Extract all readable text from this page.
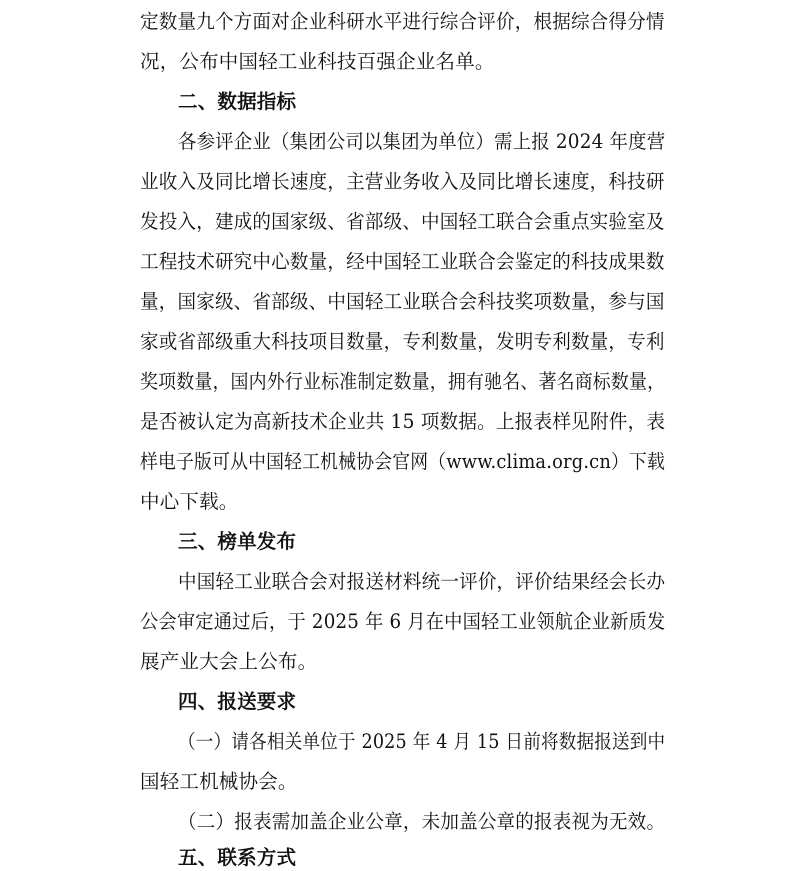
定数量九个方面对企业科研水平进行综合评价，根据综合得分情
况，公布中国轻工业科技百强企业名单。
二、数据指标
各参评企业（集团公司以集团为单位）需上报 2024 年度营
业收入及同比增长速度，主营业务收入及同比增长速度，科技研
发投入，建成的国家级、省部级、中国轻工联合会重点实验室及
工程技术研究中心数量，经中国轻工业联合会鉴定的科技成果数
量，国家级、省部级、中国轻工业联合会科技奖项数量，参与国
家或省部级重大科技项目数量，专利数量，发明专利数量，专利
奖项数量，国内外行业标准制定数量，拥有驰名、著名商标数量，
是否被认定为高新技术企业共 15 项数据。上报表样见附件，表
样电子版可从中国轻工机械协会官网（www.clima.org.cn）下载
中心下载。
三、榜单发布
中国轻工业联合会对报送材料统一评价，评价结果经会长办
公会审定通过后，于 2025 年 6 月在中国轻工业领航企业新质发
展产业大会上公布。
四、报送要求
（一）请各相关单位于 2025 年 4 月 15 日前将数据报送到中
国轻工机械协会。
（二）报表需加盖企业公章，未加盖公章的报表视为无效。
五、联系方式
